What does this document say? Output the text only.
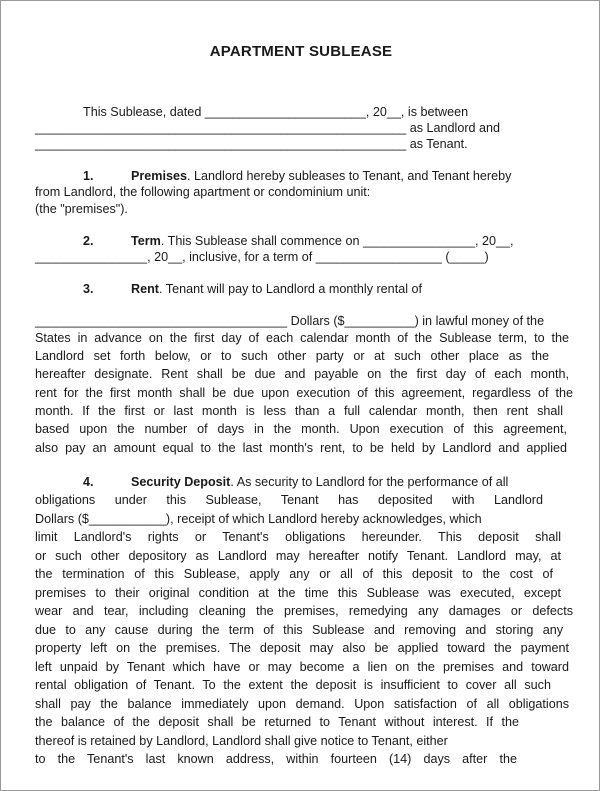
APARTMENT SUBLEASE
This Sublease, dated _______________________, 20__, is between
_____________________________________________________ as Landlord and
_____________________________________________________ as Tenant.
1.	Premises. Landlord hereby subleases to Tenant, and Tenant hereby
from Landlord, the following apartment or condominium unit:
(the "premises").
2.	Term. This Sublease shall commence on ________________, 20__,
________________, 20__, inclusive, for a term of __________________ (_____)
3.	Rent. Tenant will pay to Landlord a monthly rental of
____________________________________ Dollars ($__________) in lawful money of the
States in advance on the first day of each calendar month of the Sublease term, to the
Landlord set forth below, or to such other party or at such other place as the
hereafter designate. Rent shall be due and payable on the first day of each month,
rent for the first month shall be due upon execution of this agreement, regardless of the
month. If the first or last month is less than a full calendar month, then rent shall
based upon the number of days in the month. Upon execution of this agreement,
also pay an amount equal to the last month's rent, to be held by Landlord and applied
4.	Security Deposit. As security to Landlord for the performance of all
obligations under this Sublease, Tenant has deposited with Landlord
Dollars ($___________), receipt of which Landlord hereby acknowledges, which
limit Landlord's rights or Tenant's obligations hereunder. This deposit shall
or such other depository as Landlord may hereafter notify Tenant. Landlord may, at
the termination of this Sublease, apply any or all of this deposit to the cost of
premises to their original condition at the time this Sublease was executed, except
wear and tear, including cleaning the premises, remedying any damages or defects
due to any cause during the term of this Sublease and removing and storing any
property left on the premises. The deposit may also be applied toward the payment
left unpaid by Tenant which have or may become a lien on the premises and toward
rental obligation of Tenant. To the extent the deposit is insufficient to cover all such
shall pay the balance immediately upon demand. Upon satisfaction of all obligations
the balance of the deposit shall be returned to Tenant without interest. If the
thereof is retained by Landlord, Landlord shall give notice to Tenant, either
to the Tenant's last known address, within fourteen (14) days after the
